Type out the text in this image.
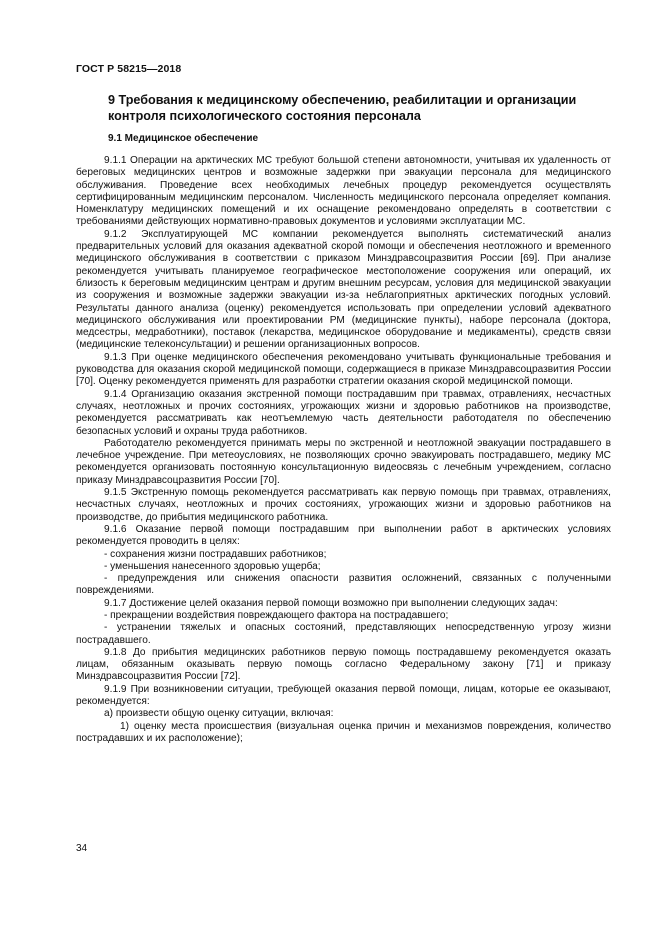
ГОСТ Р 58215—2018
9 Требования к медицинскому обеспечению, реабилитации и организации контроля психологического состояния персонала
9.1 Медицинское обеспечение

9.1.1 Операции на арктических МС требуют большой степени автономности, учитывая их удаленность от береговых медицинских центров и возможные задержки при эвакуации персонала для медицинского обслуживания. Проведение всех необходимых лечебных процедур рекомендуется осуществлять сертифицированным медицинским персоналом. Численность медицинского персонала определяет компания. Номенклатуру медицинских помещений и их оснащение рекомендовано определять в соответствии с требованиями действующих нормативно-правовых документов и условиями эксплуатации МС.

9.1.2 Эксплуатирующей МС компании рекомендуется выполнять систематический анализ предварительных условий для оказания адекватной скорой помощи и обеспечения неотложного и временного медицинского обслуживания в соответствии с приказом Минздравсоцразвития России [69]. При анализе рекомендуется учитывать планируемое географическое местоположение сооружения или операций, их близость к береговым медицинским центрам и другим внешним ресурсам, условия для медицинской эвакуации из сооружения и возможные задержки эвакуации из-за неблагоприятных арктических погодных условий. Результаты данного анализа (оценку) рекомендуется использовать при определении условий адекватного медицинского обслуживания или проектировании РМ (медицинские пункты), наборе персонала (доктора, медсестры, медработники), поставок (лекарства, медицинское оборудование и медикаменты), средств связи (медицинские телеконсультации) и решении организационных вопросов.

9.1.3 При оценке медицинского обеспечения рекомендовано учитывать функциональные требования и руководства для оказания скорой медицинской помощи, содержащиеся в приказе Минздравсоцразвития России [70]. Оценку рекомендуется применять для разработки стратегии оказания скорой медицинской помощи.

9.1.4 Организацию оказания экстренной помощи пострадавшим при травмах, отравлениях, несчастных случаях, неотложных и прочих состояниях, угрожающих жизни и здоровью работников на производстве, рекомендуется рассматривать как неотъемлемую часть деятельности работодателя по обеспечению безопасных условий и охраны труда работников.

Работодателю рекомендуется принимать меры по экстренной и неотложной эвакуации пострадавшего в лечебное учреждение. При метеоусловиях, не позволяющих срочно эвакуировать пострадавшего, медику МС рекомендуется организовать постоянную консультационную видеосвязь с лечебным учреждением, согласно приказу Минздравсоцразвития России [70].

9.1.5 Экстренную помощь рекомендуется рассматривать как первую помощь при травмах, отравлениях, несчастных случаях, неотложных и прочих состояниях, угрожающих жизни и здоровью работников на производстве, до прибытия медицинского работника.

9.1.6 Оказание первой помощи пострадавшим при выполнении работ в арктических условиях рекомендуется проводить в целях:

- сохранения жизни пострадавших работников;

- уменьшения нанесенного здоровью ущерба;

- предупреждения или снижения опасности развития осложнений, связанных с полученными повреждениями.

9.1.7 Достижение целей оказания первой помощи возможно при выполнении следующих задач:

- прекращении воздействия повреждающего фактора на пострадавшего;

- устранении тяжелых и опасных состояний, представляющих непосредственную угрозу жизни пострадавшего.

9.1.8 До прибытия медицинских работников первую помощь пострадавшему рекомендуется оказать лицам, обязанным оказывать первую помощь согласно Федеральному закону [71] и приказу Минздравсоцразвития России [72].

9.1.9 При возникновении ситуации, требующей оказания первой помощи, лицам, которые ее оказывают, рекомендуется:

а) произвести общую оценку ситуации, включая:

1) оценку места происшествия (визуальная оценка причин и механизмов повреждения, количество пострадавших и их расположение);

34
